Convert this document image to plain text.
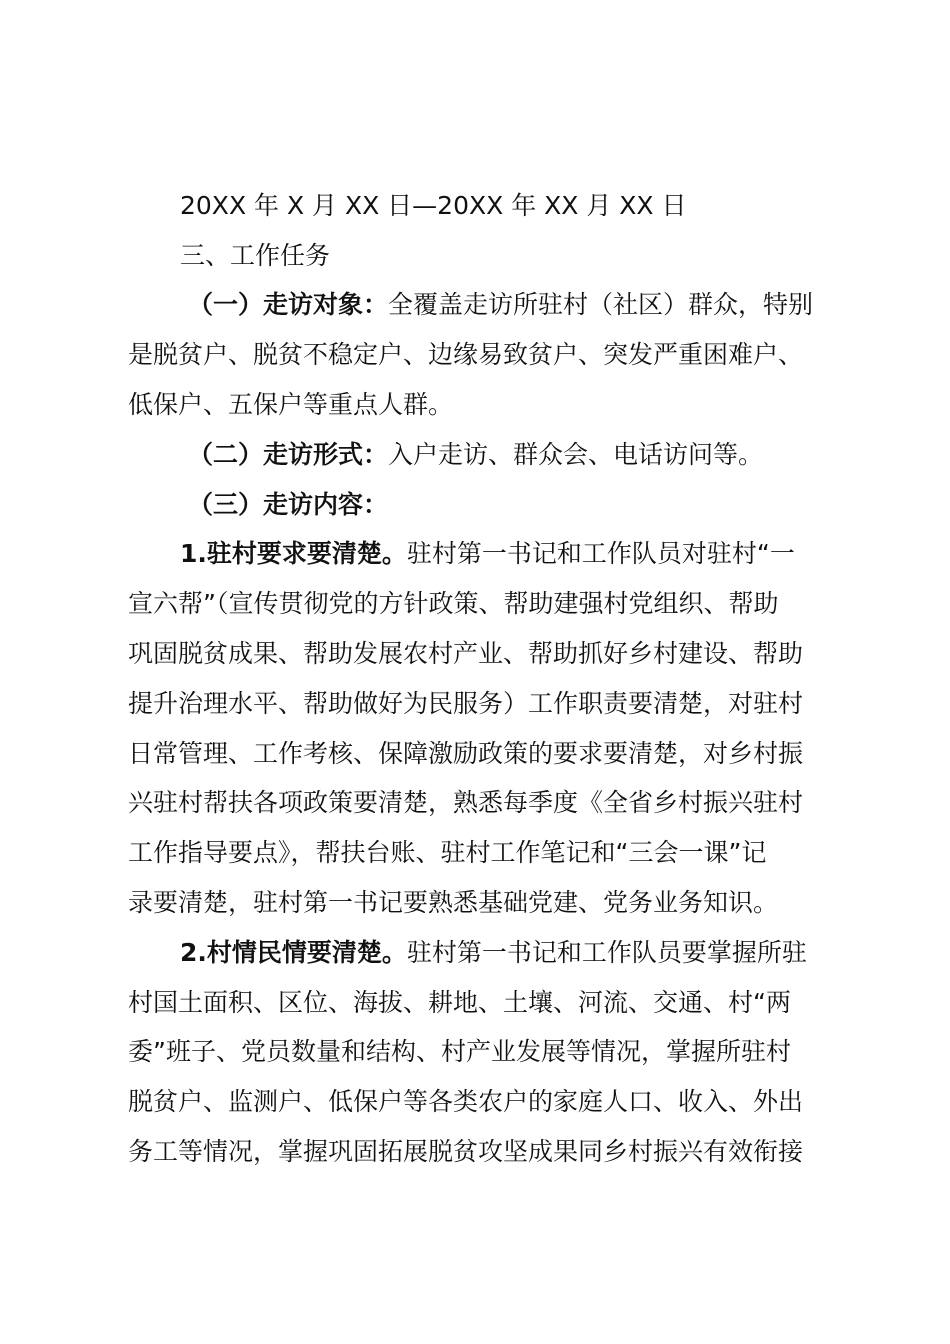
20XX 年 X 月 XX 日—20XX 年 XX 月 XX 日
三、工作任务
（一）走访对象：全覆盖走访所驻村（社区）群众，特别
是脱贫户、脱贫不稳定户、边缘易致贫户、突发严重困难户、
低保户、五保户等重点人群。
（二）走访形式：入户走访、群众会、电话访问等。
（三）走访内容：
1.驻村要求要清楚。驻村第一书记和工作队员对驻村“一
宣六帮”（宣传贯彻党的方针政策、帮助建强村党组织、帮助
巩固脱贫成果、帮助发展农村产业、帮助抓好乡村建设、帮助
提升治理水平、帮助做好为民服务）工作职责要清楚，对驻村
日常管理、工作考核、保障激励政策的要求要清楚，对乡村振
兴驻村帮扶各项政策要清楚，熟悉每季度《全省乡村振兴驻村
工作指导要点》，帮扶台账、驻村工作笔记和“三会一课”记
录要清楚，驻村第一书记要熟悉基础党建、党务业务知识。
2.村情民情要清楚。驻村第一书记和工作队员要掌握所驻
村国土面积、区位、海拔、耕地、土壤、河流、交通、村“两
委”班子、党员数量和结构、村产业发展等情况，掌握所驻村
脱贫户、监测户、低保户等各类农户的家庭人口、收入、外出
务工等情况，掌握巩固拓展脱贫攻坚成果同乡村振兴有效衔接
